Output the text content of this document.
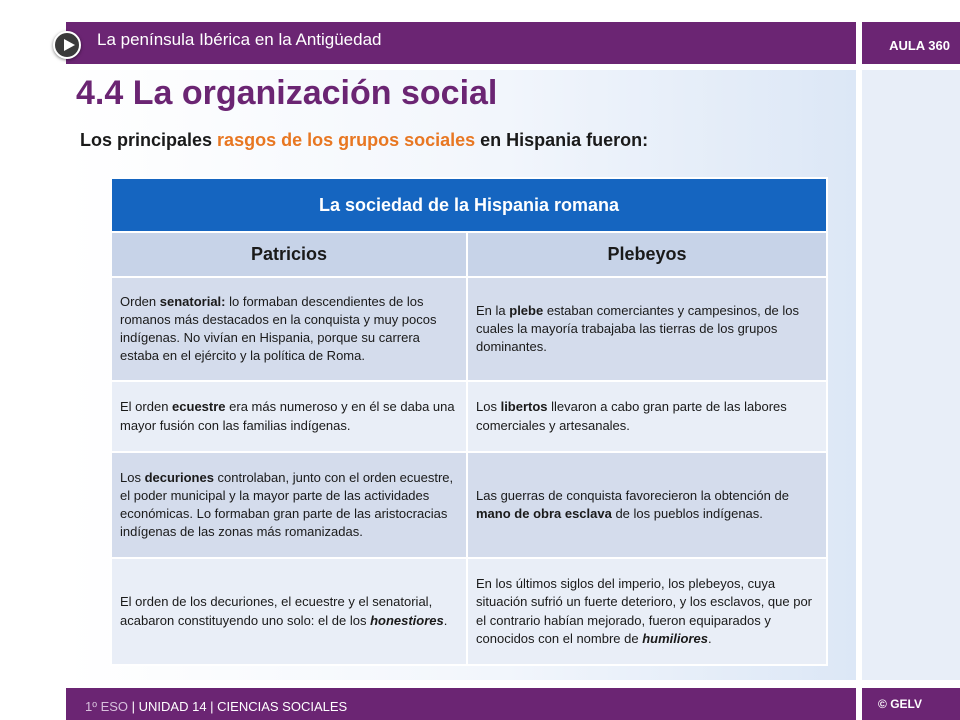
La península Ibérica en la Antigüedad	AULA 360
4.4 La organización social

Los principales rasgos de los grupos sociales en Hispania fueron:

La sociedad de la Hispania romana	
Patricios	Plebeyos
Orden senatorial: lo formaban descendientes de los romanos más destacados en la conquista y muy pocos indígenas. No vivían en Hispania, porque su carrera estaba en el ejército y la política de Roma.	En la plebe estaban comerciantes y campesinos, de los cuales la mayoría trabajaba las tierras de los grupos dominantes.
El orden ecuestre era más numeroso y en él se daba una mayor fusión con las familias indígenas.	Los libertos llevaron a cabo gran parte de las labores comerciales y artesanales.
Los decuriones controlaban, junto con el orden ecuestre, el poder municipal y la mayor parte de las actividades económicas. Lo formaban gran parte de las aristocracias indígenas de las zonas más romanizadas.	Las guerras de conquista favorecieron la obtención de mano de obra esclava de los pueblos indígenas.
El orden de los decuriones, el ecuestre y el senatorial, acabaron constituyendo uno solo: el de los honestiores.	En los últimos siglos del imperio, los plebeyos, cuya situación sufrió un fuerte deterioro, y los esclavos, que por el contrario habían mejorado, fueron equiparados y conocidos con el nombre de humiliores.
1º ESO | UNIDAD 14 | CIENCIAS SOCIALES	© GELV
